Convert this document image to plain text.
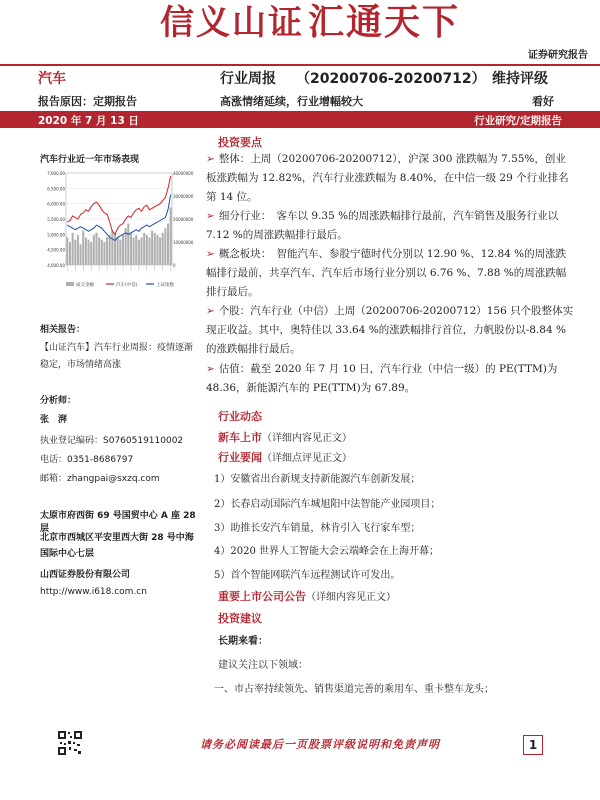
信义山证 汇通天下
证券研究报告
汽车	行业周报 （20200706-20200712） 维持评级
报告原因：定期报告	高涨情绪延续，行业增幅较大	看好
2020 年 7 月 13 日	行业研究/定期报告
汽车行业近一年市场表现
7,000.00
6,500.00
6,000.00
5,500.00
5,000.00
4,500.00
4,000.00
40000000
30000000
20000000
10000000
0
成交金额	汽车(中信)	上证指数
相关报告：
【山证汽车】汽车行业周报：疫情逐渐稳定，市场情绪高涨
分析师：
张　湃
执业登记编码：S0760519110002
电话：0351-8686797
邮箱：zhangpai@sxzq.com
太原市府西街 69 号国贸中心 A 座 28 层
北京市西城区平安里西大街 28 号中海国际中心七层
山西证券股份有限公司
http://www.i618.com.cn
投资要点
➢ 整体：上周（20200706-20200712），沪深 300 涨跌幅为 7.55%，创业板涨跌幅为 12.82%，汽车行业涨跌幅为 8.40%，在中信一级 29 个行业排名第 14 位。
➢ 细分行业：　客车以 9.35 %的周涨跌幅排行最前，汽车销售及服务行业以 7.12 %的周涨跌幅排行最后。
➢ 概念板块：　智能汽车、参股宁德时代分别以 12.90 %、12.84 %的周涨跌幅排行最前，共享汽车、汽车后市场行业分别以 6.76 %、7.88 %的周涨跌幅排行最后。
➢ 个股：汽车行业（中信）上周（20200706-20200712）156 只个股整体实现正收益。其中，奥特佳以 33.64 %的涨跌幅排行首位，力帆股份以-8.84 %的涨跌幅排行最后。
➢ 估值：截至 2020 年 7 月 10 日，汽车行业（中信一级）的 PE(TTM)为 48.36，新能源汽车的 PE(TTM)为 67.89。
行业动态
新车上市（详细内容见正文）
行业要闻（详细点评见正文）
1）安徽省出台新规支持新能源汽车创新发展；
2）长春启动国际汽车城旭阳中法智能产业园项目；
3）助推长安汽车销量，林肯引入飞行家车型；
4）2020 世界人工智能大会云端峰会在上海开幕；
5）首个智能网联汽车远程测试许可发出。
重要上市公司公告（详细内容见正文）
投资建议
长期来看：
建议关注以下领域：
一、市占率持续领先、销售渠道完善的乘用车、重卡整车龙头；
请务必阅读最后一页股票评级说明和免责声明	1
